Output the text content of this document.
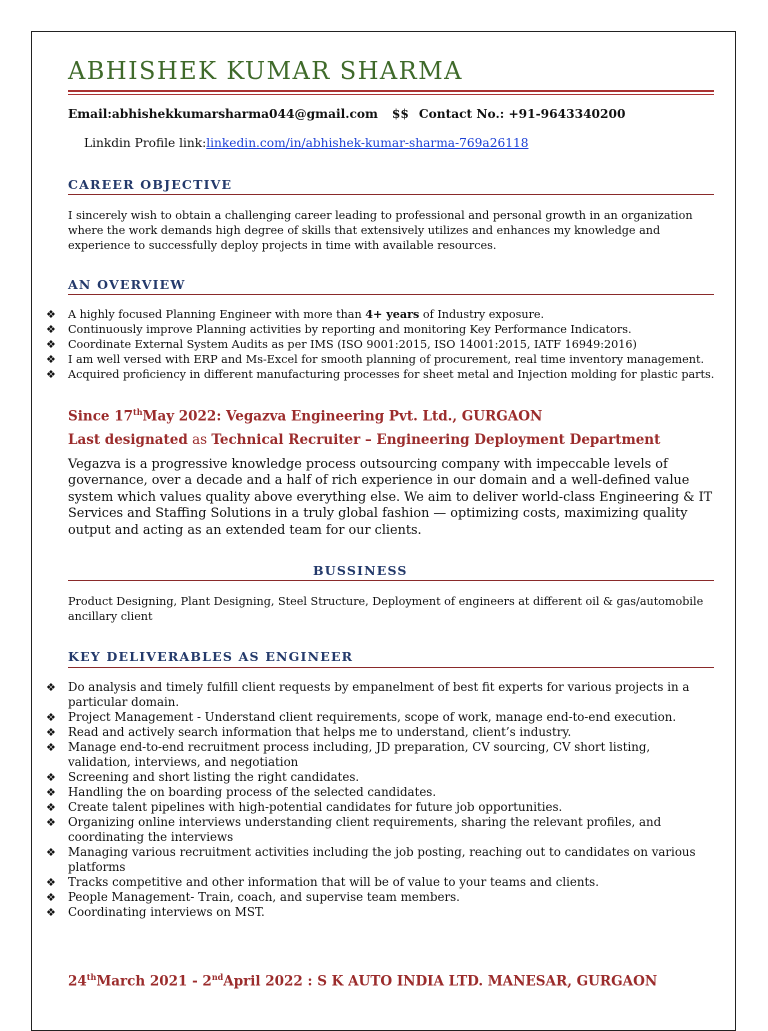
ABHISHEK KUMAR SHARMA
Email:abhishekkumarsharma044@gmail.com $$ Contact No.: +91-9643340200
Linkdin Profile link:linkedin.com/in/abhishek-kumar-sharma-769a26118
CAREER OBJECTIVE
I sincerely wish to obtain a challenging career leading to professional and personal growth in an organization where the work demands high degree of skills that extensively utilizes and enhances my knowledge and experience to successfully deploy projects in time with available resources.
AN OVERVIEW
❖ A highly focused Planning Engineer with more than 4+ years of Industry exposure.
❖ Continuously improve Planning activities by reporting and monitoring Key Performance Indicators.
❖ Coordinate External System Audits as per IMS (ISO 9001:2015, ISO 14001:2015, IATF 16949:2016)
❖ I am well versed with ERP and Ms-Excel for smooth planning of procurement, real time inventory management.
❖ Acquired proficiency in different manufacturing processes for sheet metal and Injection molding for plastic parts.
Since 17thMay 2022: Vegazva Engineering Pvt. Ltd., GURGAON
Last designated as Technical Recruiter – Engineering Deployment Department
Vegazva is a progressive knowledge process outsourcing company with impeccable levels of governance, over a decade and a half of rich experience in our domain and a well-defined value system which values quality above everything else. We aim to deliver world-class Engineering & IT Services and Staffing Solutions in a truly global fashion — optimizing costs, maximizing quality output and acting as an extended team for our clients.
BUSSINESS
Product Designing, Plant Designing, Steel Structure, Deployment of engineers at different oil & gas/automobile ancillary client
KEY DELIVERABLES AS ENGINEER
❖ Do analysis and timely fulfill client requests by empanelment of best fit experts for various projects in a particular domain.
❖ Project Management - Understand client requirements, scope of work, manage end-to-end execution.
❖ Read and actively search information that helps me to understand, client’s industry.
❖ Manage end-to-end recruitment process including, JD preparation, CV sourcing, CV short listing, validation, interviews, and negotiation
❖ Screening and short listing the right candidates.
❖ Handling the on boarding process of the selected candidates.
❖ Create talent pipelines with high-potential candidates for future job opportunities.
❖ Organizing online interviews understanding client requirements, sharing the relevant profiles, and coordinating the interviews
❖ Managing various recruitment activities including the job posting, reaching out to candidates on various platforms
❖ Tracks competitive and other information that will be of value to your teams and clients.
❖ People Management- Train, coach, and supervise team members.
❖ Coordinating interviews on MST.
24thMarch 2021 - 2ndApril 2022 : S K AUTO INDIA LTD. MANESAR, GURGAON
